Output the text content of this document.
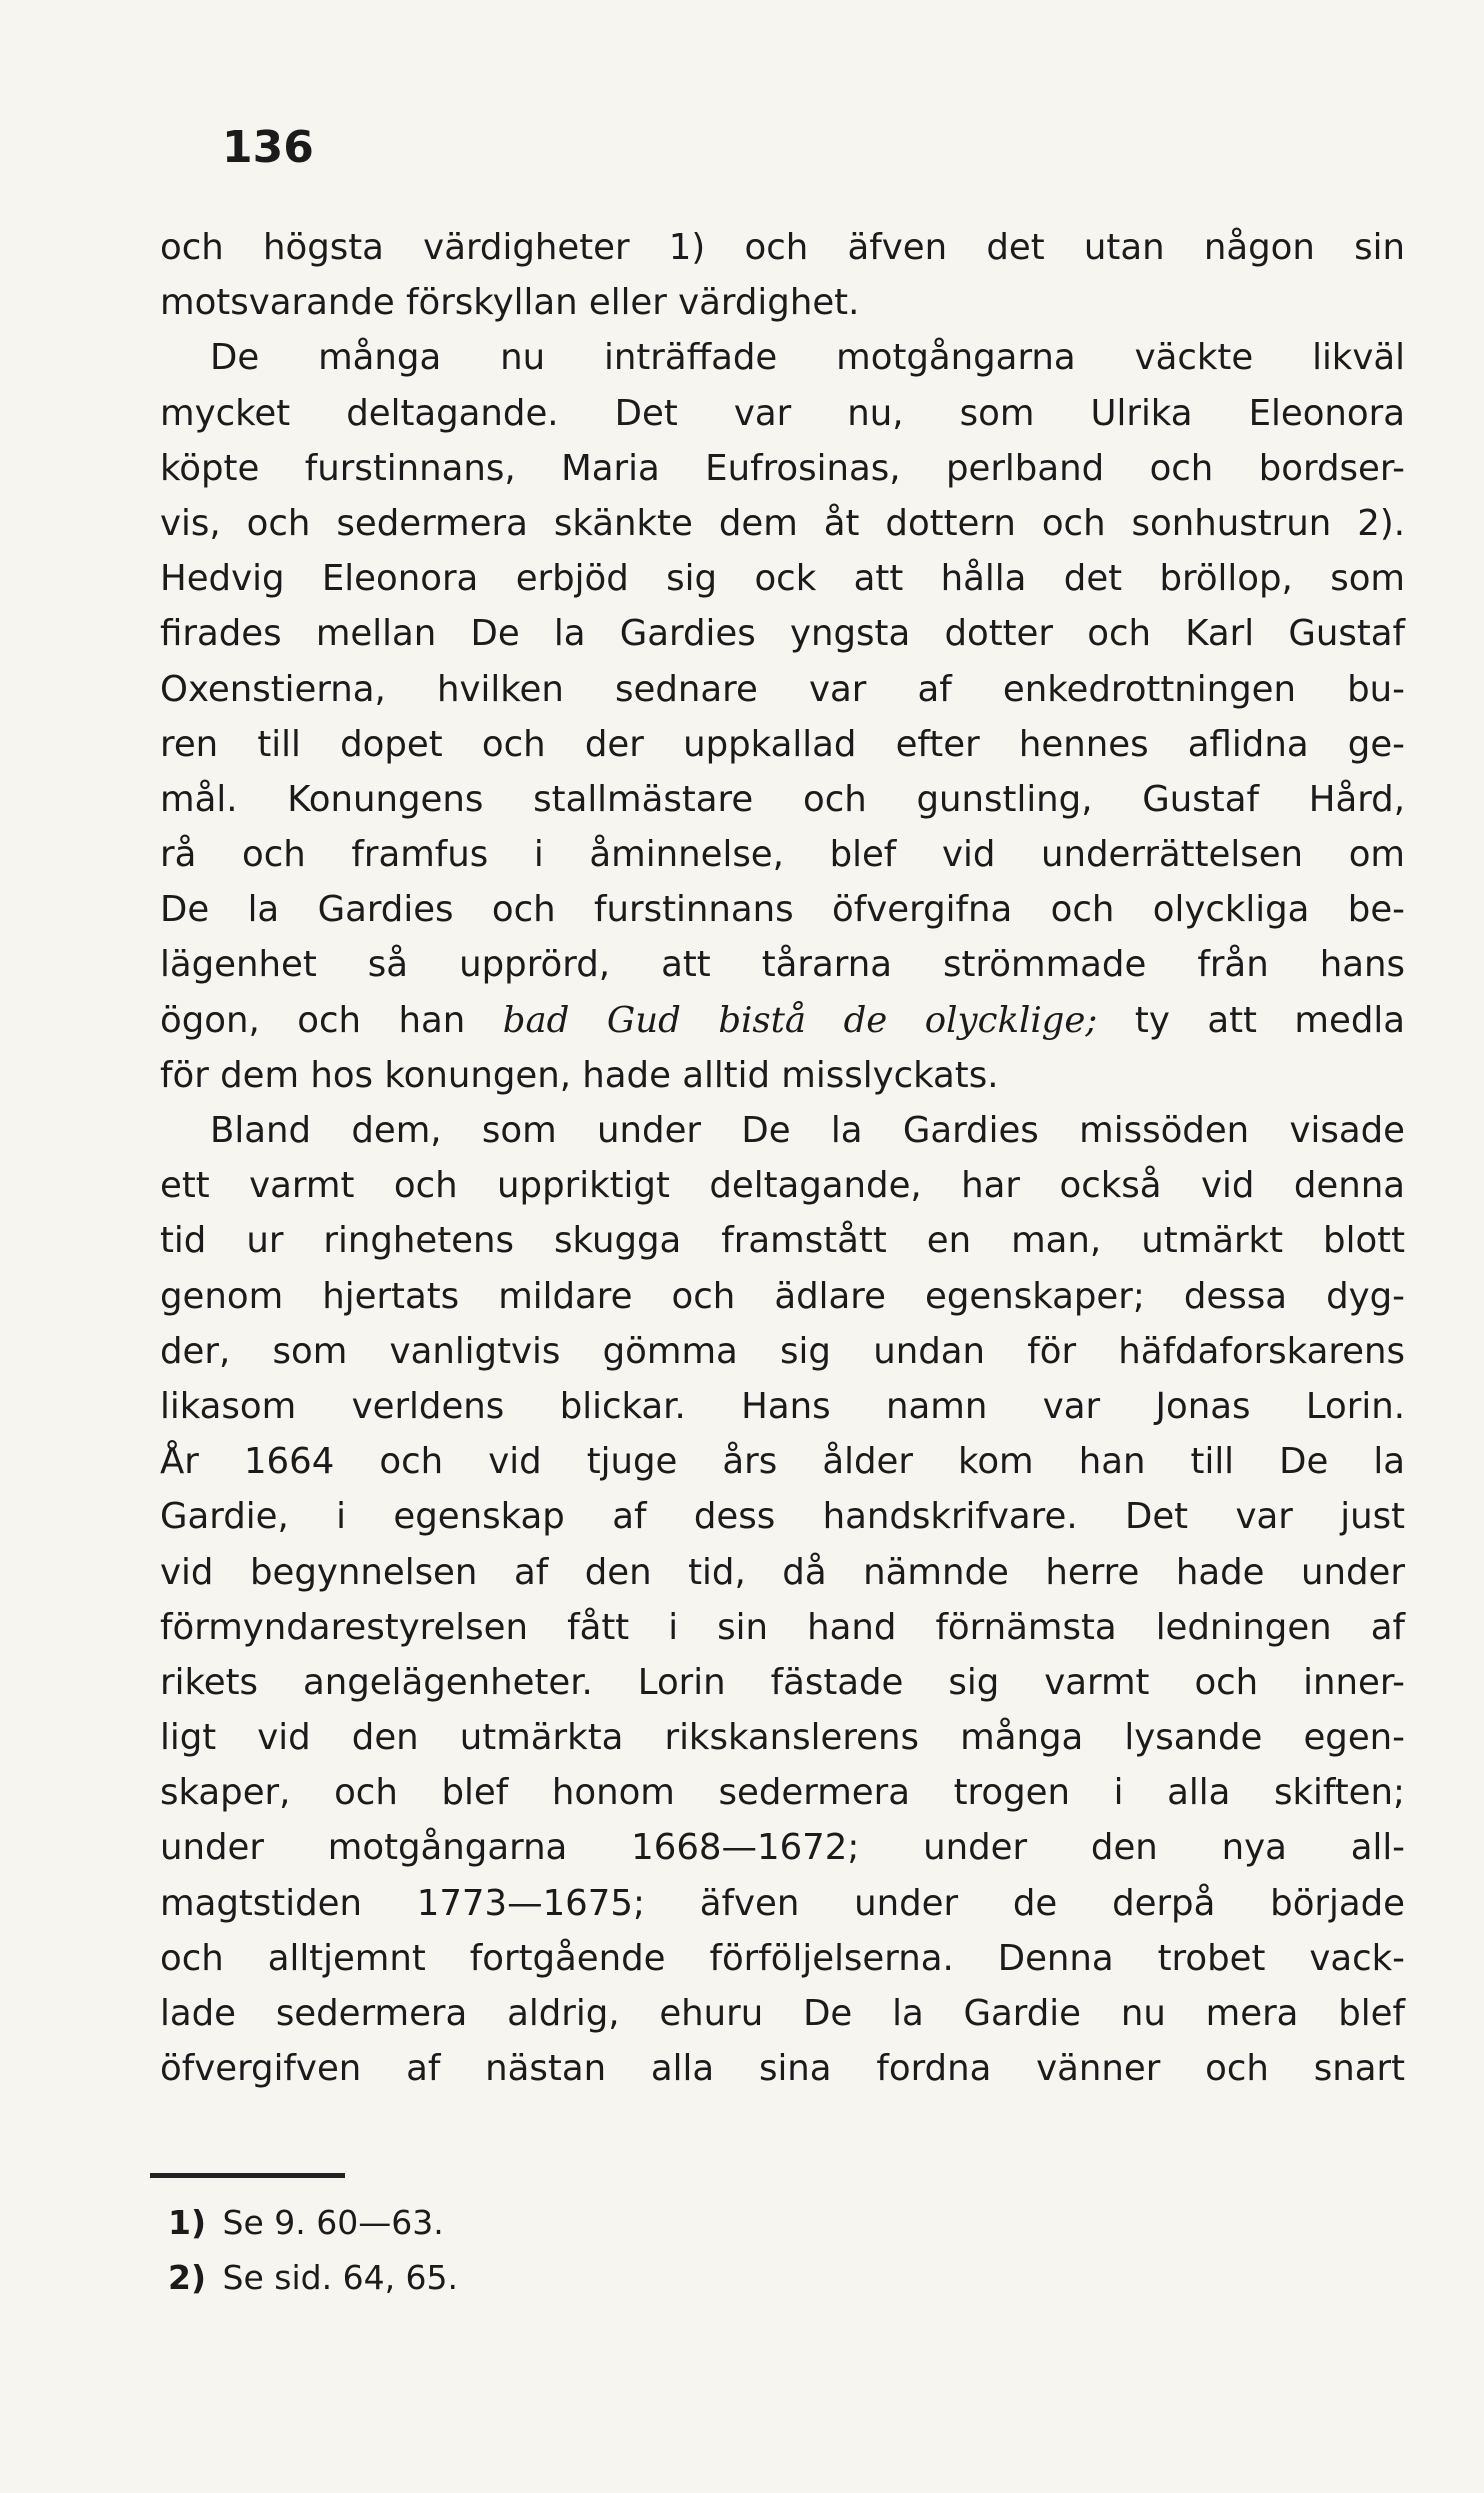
136
och högsta värdigheter 1) och äfven det utan någon sin
motsvarande förskyllan eller värdighet.
De många nu inträffade motgångarna väckte likväl
mycket deltagande. Det var nu, som Ulrika Eleonora
köpte furstinnans, Maria Eufrosinas, perlband och bordser-
vis, och sedermera skänkte dem åt dottern och sonhustrun 2).
Hedvig Eleonora erbjöd sig ock att hålla det bröllop, som
firades mellan De la Gardies yngsta dotter och Karl Gustaf
Oxenstierna, hvilken sednare var af enkedrottningen bu-
ren till dopet och der uppkallad efter hennes aflidna ge-
mål. Konungens stallmästare och gunstling, Gustaf Hård,
rå och framfus i åminnelse, blef vid underrättelsen om
De la Gardies och furstinnans öfvergifna och olyckliga be-
lägenhet så upprörd, att tårarna strömmade från hans
ögon, och han bad Gud bistå de olycklige; ty att medla
för dem hos konungen, hade alltid misslyckats.
Bland dem, som under De la Gardies missöden visade
ett varmt och uppriktigt deltagande, har också vid denna
tid ur ringhetens skugga framstått en man, utmärkt blott
genom hjertats mildare och ädlare egenskaper; dessa dyg-
der, som vanligtvis gömma sig undan för häfdaforskarens
likasom verldens blickar. Hans namn var Jonas Lorin.
År 1664 och vid tjuge års ålder kom han till De la
Gardie, i egenskap af dess handskrifvare. Det var just
vid begynnelsen af den tid, då nämnde herre hade under
förmyndarestyrelsen fått i sin hand förnämsta ledningen af
rikets angelägenheter. Lorin fästade sig varmt och inner-
ligt vid den utmärkta rikskanslerens många lysande egen-
skaper, och blef honom sedermera trogen i alla skiften;
under motgångarna 1668—1672; under den nya all-
magtstiden 1773—1675; äfven under de derpå började
och alltjemnt fortgående förföljelserna. Denna trobet vack-
lade sedermera aldrig, ehuru De la Gardie nu mera blef
öfvergifven af nästan alla sina fordna vänner och snart
1) Se 9. 60—63.
2) Se sid. 64, 65.
